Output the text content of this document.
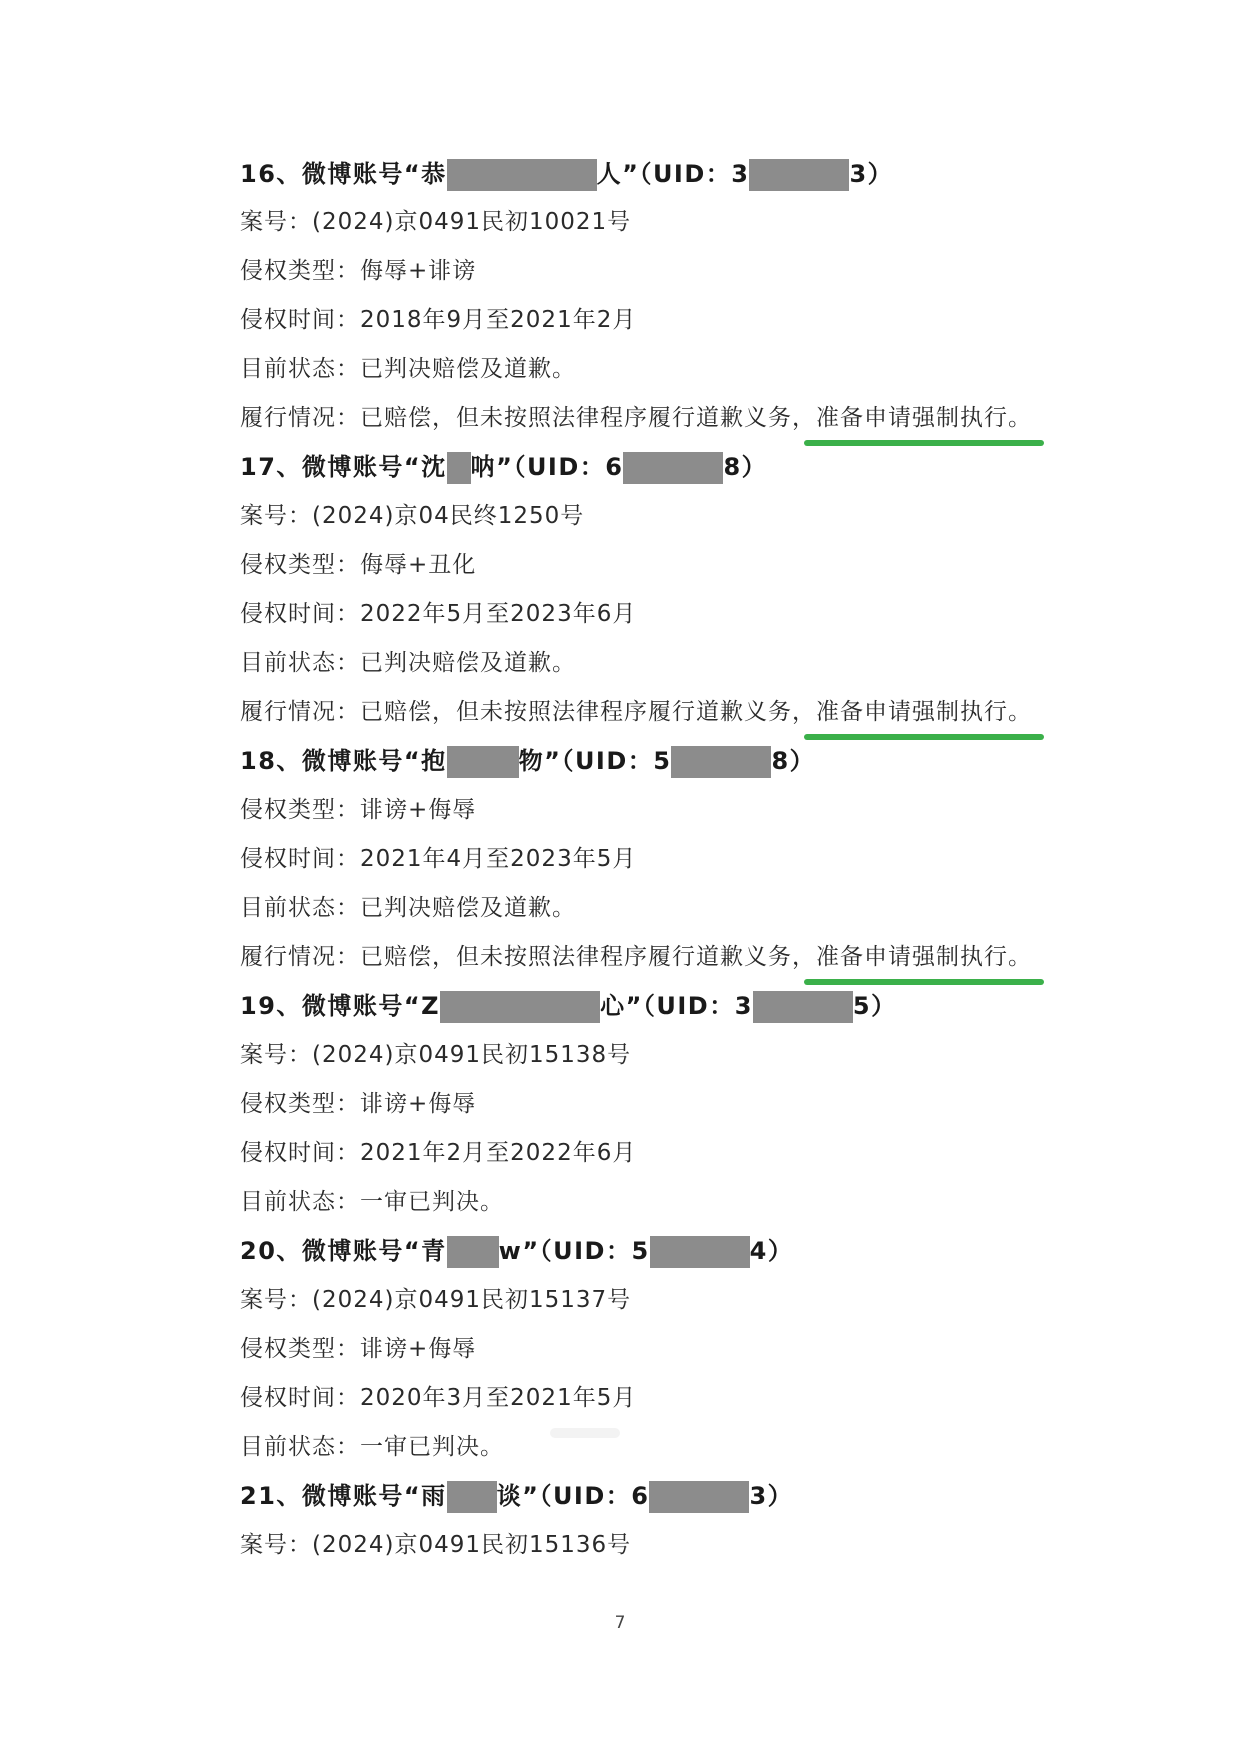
16、微博账号“恭	人”（UID：3	3）
案号：(2024)京0491民初10021号
侵权类型：侮辱+诽谤
侵权时间：2018年9月至2021年2月
目前状态：已判决赔偿及道歉。
履行情况：已赔偿，但未按照法律程序履行道歉义务，准备申请强制执行。
17、微博账号“沈 呐”（UID：6	8）
案号：(2024)京04民终1250号
侵权类型：侮辱+丑化
侵权时间：2022年5月至2023年6月
目前状态：已判决赔偿及道歉。
履行情况：已赔偿，但未按照法律程序履行道歉义务，准备申请强制执行。
18、微博账号“抱	物”（UID：5	8）
侵权类型：诽谤+侮辱
侵权时间：2021年4月至2023年5月
目前状态：已判决赔偿及道歉。
履行情况：已赔偿，但未按照法律程序履行道歉义务，准备申请强制执行。
19、微博账号“Z	心”（UID：3	5）
案号：(2024)京0491民初15138号
侵权类型：诽谤+侮辱
侵权时间：2021年2月至2022年6月
目前状态：一审已判决。
20、微博账号“青 w”（UID：5	4）
案号：(2024)京0491民初15137号
侵权类型：诽谤+侮辱
侵权时间：2020年3月至2021年5月
目前状态：一审已判决。
21、微博账号“雨 谈”（UID：6	3）
案号：(2024)京0491民初15136号
7
